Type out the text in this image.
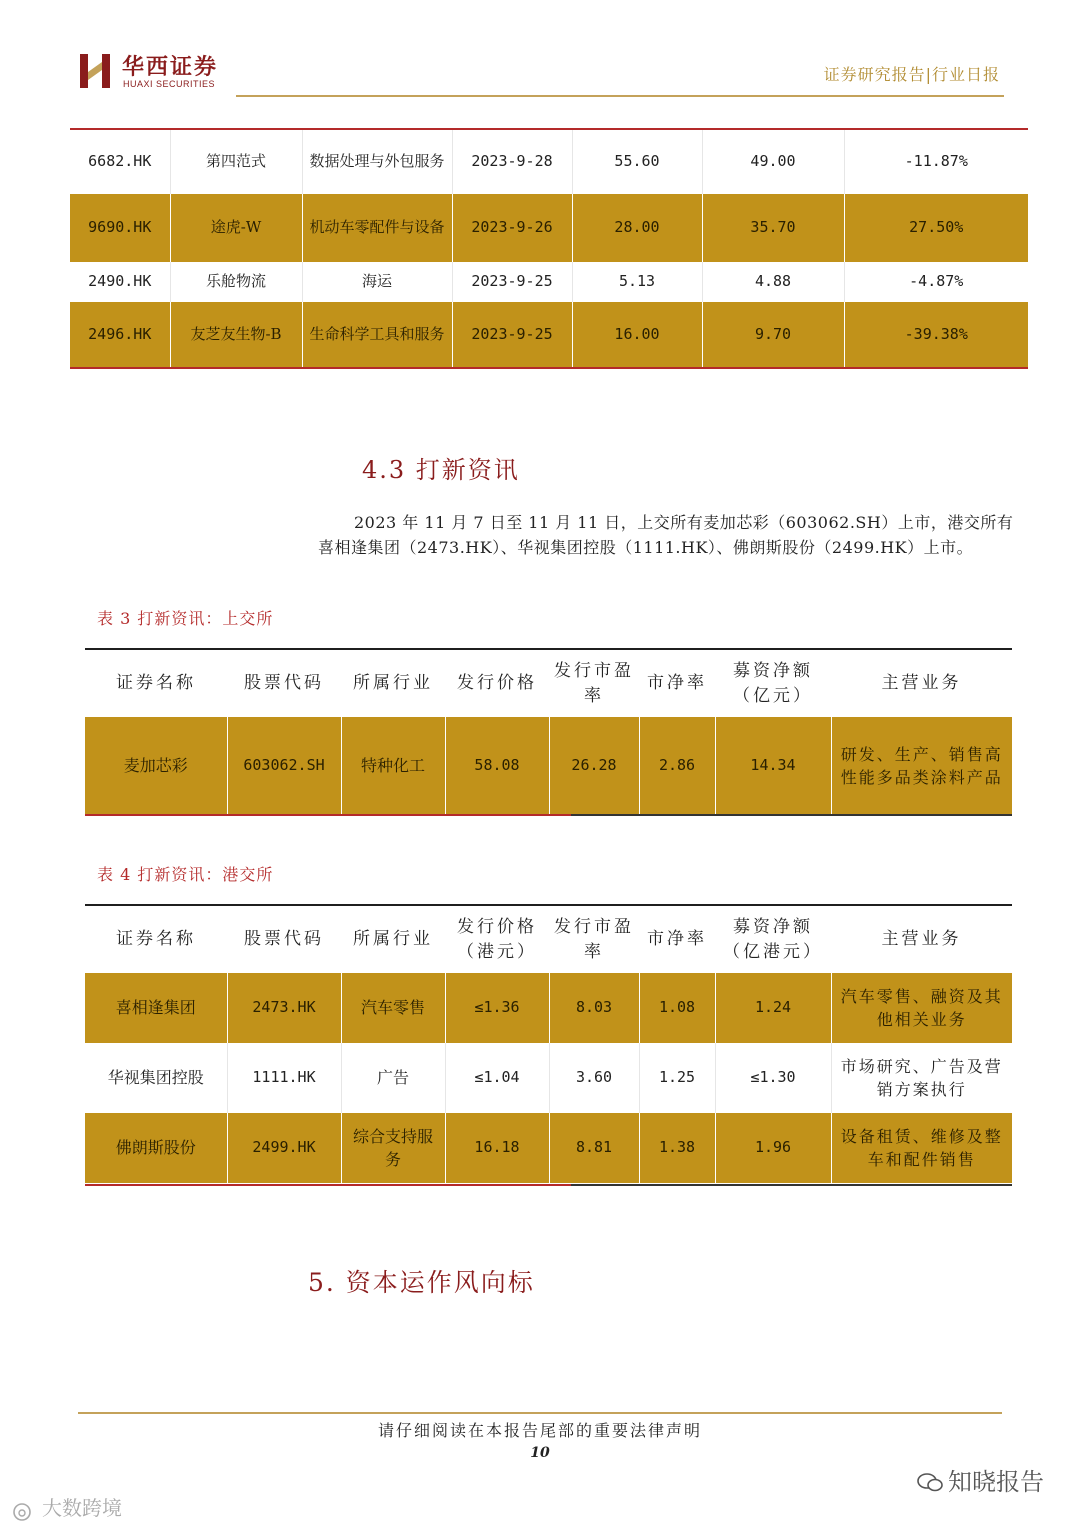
华西证券
HUAXI SECURITIES	证券研究报告|行业日报
6682.HK	第四范式	数据处理与外包服务	2023-9-28	55.60	49.00	-11.87%
9690.HK	途虎-W	机动车零配件与设备	2023-9-26	28.00	35.70	27.50%
2490.HK	乐舱物流	海运	2023-9-25	5.13	4.88	-4.87%
2496.HK	友芝友生物-B	生命科学工具和服务	2023-9-25	16.00	9.70	-39.38%
4.3 打新资讯
2023 年 11 月 7 日至 11 月 11 日，上交所有麦加芯彩（603062.SH）上市，港交所有喜相逢集团（2473.HK）、华视集团控股（1111.HK）、佛朗斯股份（2499.HK）上市。
表 3 打新资讯：上交所
证券名称	股票代码	所属行业	发行价格	发行市盈率	市净率	募资净额（亿元）	主营业务
麦加芯彩	603062.SH	特种化工	58.08	26.28	2.86	14.34	研发、生产、销售高性能多品类涂料产品
表 4 打新资讯：港交所
证券名称	股票代码	所属行业	发行价格（港元）	发行市盈率	市净率	募资净额（亿港元）	主营业务
喜相逢集团	2473.HK	汽车零售	≤1.36	8.03	1.08	1.24	汽车零售、融资及其他相关业务
华视集团控股	1111.HK	广告	≤1.04	3.60	1.25	≤1.30	市场研究、广告及营销方案执行
佛朗斯股份	2499.HK	综合支持服务	16.18	8.81	1.38	1.96	设备租赁、维修及整车和配件销售
5. 资本运作风向标
请仔细阅读在本报告尾部的重要法律声明
10
知晓报告
大数跨境
